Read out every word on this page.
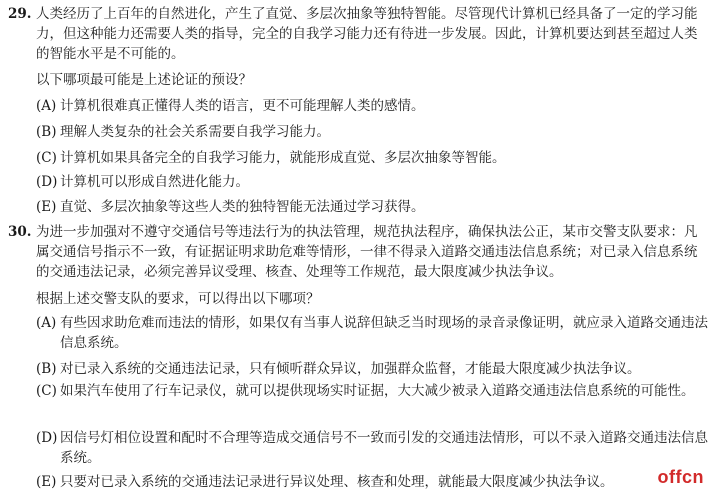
29. 人类经历了上百年的自然进化，产生了直觉、多层次抽象等独特智能。尽管现代计算机已经具备了一定的学习能力，但这种能力还需要人类的指导，完全的自我学习能力还有待进一步发展。因此，计算机要达到甚至超过人类的智能水平是不可能的。
以下哪项最可能是上述论证的预设？
(A) 计算机很难真正懂得人类的语言，更不可能理解人类的感情。
(B) 理解人类复杂的社会关系需要自我学习能力。
(C) 计算机如果具备完全的自我学习能力，就能形成直觉、多层次抽象等智能。
(D) 计算机可以形成自然进化能力。
(E) 直觉、多层次抽象等这些人类的独特智能无法通过学习获得。
30. 为进一步加强对不遵守交通信号等违法行为的执法管理，规范执法程序，确保执法公正，某市交警支队要求：凡属交通信号指示不一致，有证据证明求助危难等情形，一律不得录入道路交通违法信息系统；对已录入信息系统的交通违法记录，必须完善异议受理、核查、处理等工作规范，最大限度减少执法争议。
根据上述交警支队的要求，可以得出以下哪项？
(A) 有些因求助危难而违法的情形，如果仅有当事人说辞但缺乏当时现场的录音录像证明，就应录入道路交通违法信息系统。
(B) 对已录入系统的交通违法记录，只有倾听群众异议，加强群众监督，才能最大限度减少执法争议。
(C) 如果汽车使用了行车记录仪，就可以提供现场实时证据，大大减少被录入道路交通违法信息系统的可能性。
(D) 因信号灯相位设置和配时不合理等造成交通信号不一致而引发的交通违法情形，可以不录入道路交通违法信息系统。
(E) 只要对已录入系统的交通违法记录进行异议处理、核查和处理，就能最大限度减少执法争议。	offcn
